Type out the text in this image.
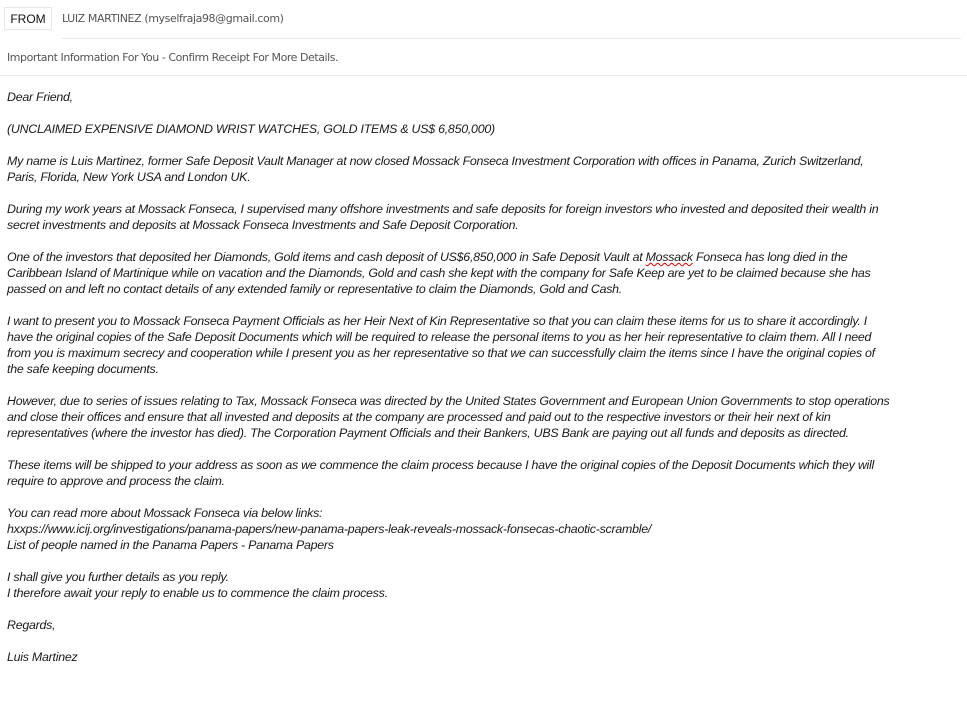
FROM	LUIZ MARTINEZ (myselfraja98@gmail.com)
Important Information For You - Confirm Receipt For More Details.
Dear Friend,
(UNCLAIMED EXPENSIVE DIAMOND WRIST WATCHES, GOLD ITEMS & US$ 6,850,000)
My name is Luis Martinez, former Safe Deposit Vault Manager at now closed Mossack Fonseca Investment Corporation with offices in Panama, Zurich Switzerland,
Paris, Florida, New York USA and London UK.
During my work years at Mossack Fonseca, I supervised many offshore investments and safe deposits for foreign investors who invested and deposited their wealth in
secret investments and deposits at Mossack Fonseca Investments and Safe Deposit Corporation.
One of the investors that deposited her Diamonds, Gold items and cash deposit of US$6,850,000 in Safe Deposit Vault at Mossack Fonseca has long died in the
Caribbean Island of Martinique while on vacation and the Diamonds, Gold and cash she kept with the company for Safe Keep are yet to be claimed because she has
passed on and left no contact details of any extended family or representative to claim the Diamonds, Gold and Cash.
I want to present you to Mossack Fonseca Payment Officials as her Heir Next of Kin Representative so that you can claim these items for us to share it accordingly. I
have the original copies of the Safe Deposit Documents which will be required to release the personal items to you as her heir representative to claim them. All I need
from you is maximum secrecy and cooperation while I present you as her representative so that we can successfully claim the items since I have the original copies of
the safe keeping documents.
However, due to series of issues relating to Tax, Mossack Fonseca was directed by the United States Government and European Union Governments to stop operations
and close their offices and ensure that all invested and deposits at the company are processed and paid out to the respective investors or their heir next of kin
representatives (where the investor has died). The Corporation Payment Officials and their Bankers, UBS Bank are paying out all funds and deposits as directed.
These items will be shipped to your address as soon as we commence the claim process because I have the original copies of the Deposit Documents which they will
require to approve and process the claim.
You can read more about Mossack Fonseca via below links:
hxxps://www.icij.org/investigations/panama-papers/new-panama-papers-leak-reveals-mossack-fonsecas-chaotic-scramble/
List of people named in the Panama Papers - Panama Papers
I shall give you further details as you reply.
I therefore await your reply to enable us to commence the claim process.
Regards,
Luis Martinez
